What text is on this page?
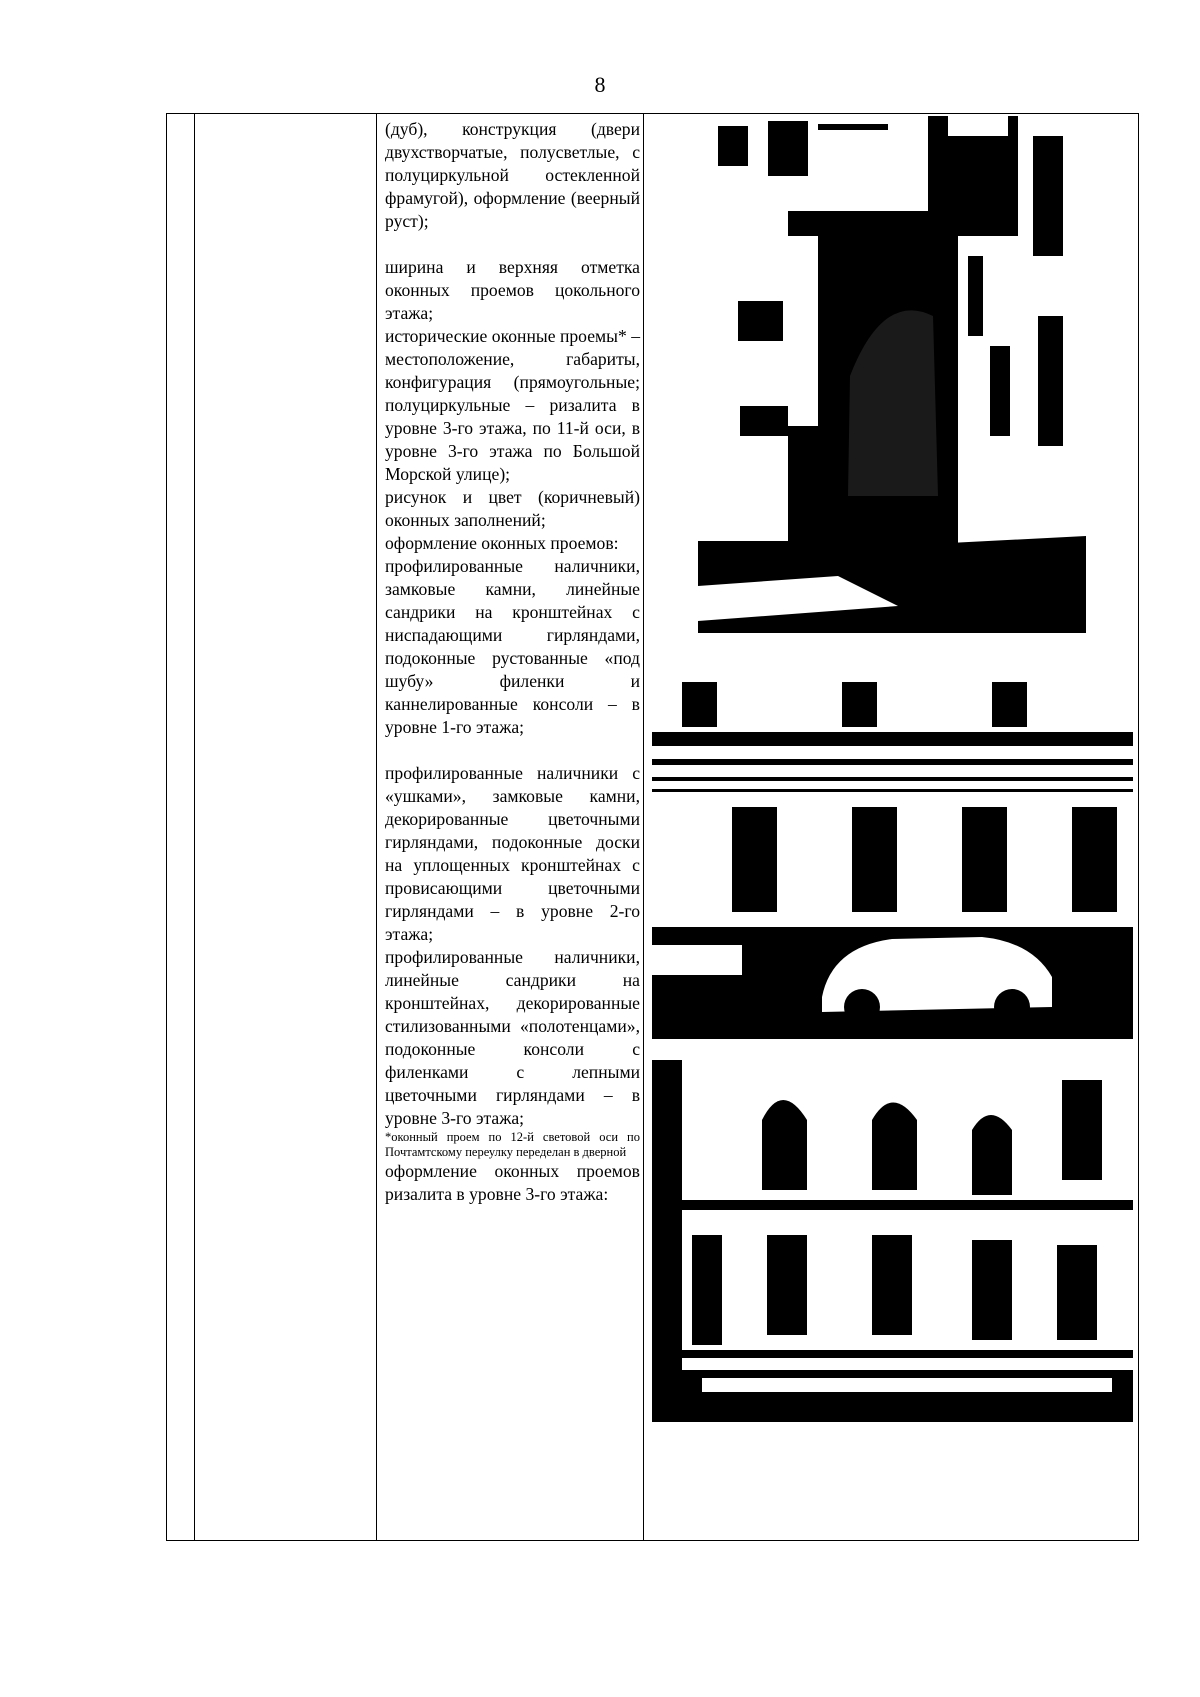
8

(дуб), конструкция (двери двухстворчатые, полусветлые, с полуциркульной остекленной фрамугой), оформление (веерный руст);

ширина и верхняя отметка оконных проемов цокольного этажа;

исторические оконные проемы* – местоположение, габариты, конфигурация (прямоугольные; полуциркульные – ризалита в уровне 3-го этажа, по 11-й оси, в уровне 3-го этажа по Большой Морской улице);

рисунок и цвет (коричневый) оконных заполнений;

оформление оконных проемов:

профилированные наличники, замковые камни, линейные сандрики на кронштейнах с ниспадающими гирляндами, подоконные рустованные «под шубу» филенки и каннелированные консоли – в уровне 1-го этажа;

профилированные наличники с «ушками», замковые камни, декорированные цветочными гирляндами, подоконные доски на уплощенных кронштейнах с провисающими цветочными гирляндами – в уровне 2-го этажа;

профилированные наличники, линейные сандрики на кронштейнах, декорированные стилизованными «полотенцами», подоконные консоли с филенками с лепными цветочными гирляндами – в уровне 3-го этажа;

*оконный проем по 12-й световой оси по Почтамтскому переулку переделан в дверной

оформление оконных проемов ризалита в уровне 3-го этажа:
